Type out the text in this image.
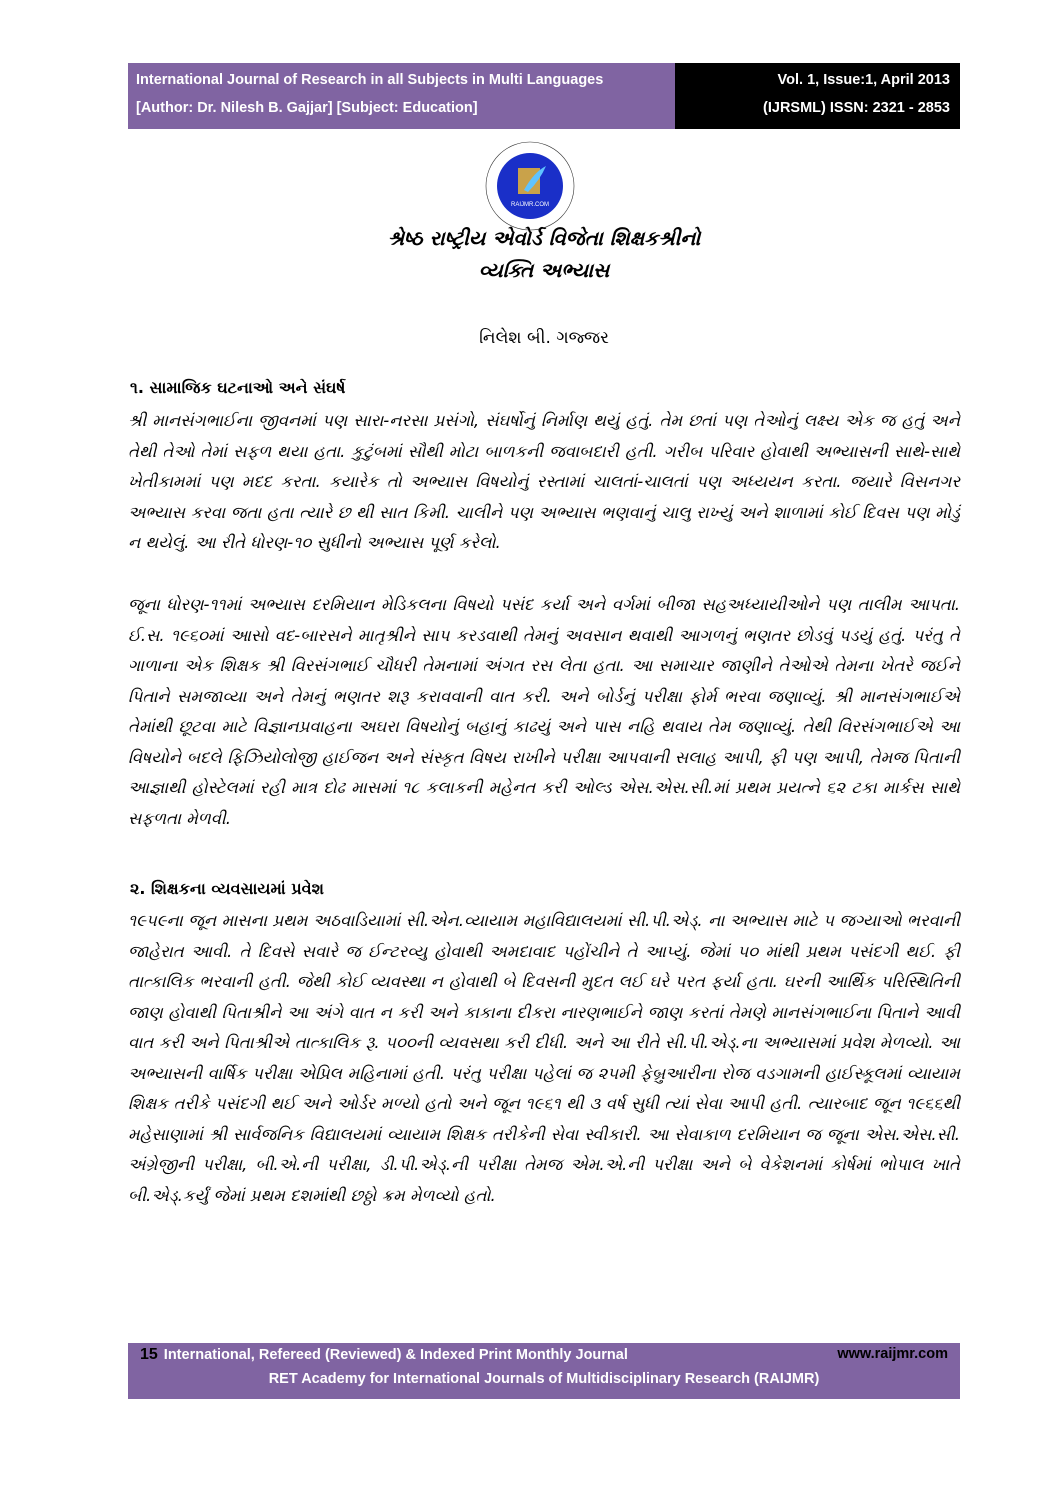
International Journal of Research in all Subjects in Multi Languages
[Author: Dr. Nilesh B. Gajjar] [Subject: Education]
Vol. 1, Issue:1, April 2013
(IJRSML) ISSN: 2321 - 2853
RAIJMR.COM
શ્રેષ્ઠ રાષ્ટ્રીય એવોર્ડ વિજેતા શિક્ષકશ્રીનો
વ્યક્તિ અભ્યાસ
નિલેશ બી. ગજ્જર
૧. સામાજિક ઘટનાઓ અને સંઘર્ષ
શ્રી માનસંગભાઈના જીવનમાં પણ સારા-નરસા પ્રસંગો, સંઘર્ષોનું નિર્માણ થયું હતું. તેમ છતાં પણ તેઓનું લક્ષ્ય એક જ હતું અને તેથી તેઓ તેમાં સફળ થયા હતા. કુટુંબમાં સૌથી મોટા બાળકની જવાબદારી હતી. ગરીબ પરિવાર હોવાથી અભ્યાસની સાથે-સાથે ખેતીકામમાં પણ મદદ કરતા. કયારેક તો અભ્યાસ વિષયોનું રસ્તામાં ચાલતાં-ચાલતાં પણ અધ્યયન કરતા. જયારે વિસનગર અભ્યાસ કરવા જતા હતા ત્યારે છ થી સાત કિમી. ચાલીને પણ અભ્યાસ ભણવાનું ચાલુ રાખ્યું અને શાળામાં કોઈ દિવસ પણ મોડું ન થયેલું. આ રીતે ધોરણ-૧૦ સુધીનો અભ્યાસ પૂર્ણ કરેલો.
જૂના ધોરણ-૧૧માં અભ્યાસ દરમિયાન મેડિકલના વિષયો પસંદ કર્યા અને વર્ગમાં બીજા સહઅધ્યાયીઓને પણ તાલીમ આપતા. ઈ.સ. ૧૯૬૦માં આસો વદ-બારસને માતૃશ્રીને સાપ કરડવાથી તેમનું અવસાન થવાથી આગળનું ભણતર છોડવું પડયું હતું. પરંતુ તે ગાળાના એક શિક્ષક શ્રી વિરસંગભાઈ ચૌધરી તેમનામાં અંગત રસ લેતા હતા. આ સમાચાર જાણીને તેઓએ તેમના ખેતરે જઈને પિતાને સમજાવ્યા અને તેમનું ભણતર શરૂ કરાવવાની વાત કરી. અને બોર્ડનું પરીક્ષા ફોર્મ ભરવા જણાવ્યું. શ્રી માનસંગભાઈએ તેમાંથી છૂટવા માટે વિજ્ઞાનપ્રવાહના અઘરા વિષયોનું બહાનું કાઢયું અને પાસ નહિ થવાય તેમ જણાવ્યું. તેથી વિરસંગભાઈએ આ વિષયોને બદલે ફિઝિયોલોજી હાઈજન અને સંસ્કૃત વિષય રાખીને પરીક્ષા આપવાની સલાહ આપી, ફી પણ આપી, તેમજ પિતાની આજ્ઞાથી હોસ્ટેલમાં રહી માત્ર દોઢ માસમાં ૧૮ કલાકની મહેનત કરી ઓલ્ડ એસ.એસ.સી.માં પ્રથમ પ્રયત્ને ૬૨ ટકા માર્કસ સાથે સફળતા મેળવી.
૨. શિક્ષકના વ્યવસાયમાં પ્રવેશ
૧૯૫૯ના જૂન માસના પ્રથમ અઠવાડિયામાં સી.એન.વ્યાયામ મહાવિદ્યાલયમાં સી.પી.એડ્. ના અભ્યાસ માટે ૫ જગ્યાઓ ભરવાની જાહેરાત આવી. તે દિવસે સવારે જ ઈન્ટરવ્યુ હોવાથી અમદાવાદ પહોંચીને તે આપ્યું. જેમાં ૫૦ માંથી પ્રથમ પસંદગી થઈ. ફી તાત્કાલિક ભરવાની હતી. જેથી કોઈ વ્યવસ્થા ન હોવાથી બે દિવસની મુદત લઈ ઘરે પરત ફર્યા હતા. ઘરની આર્થિક પરિસ્થિતિની જાણ હોવાથી પિતાશ્રીને આ અંગે વાત ન કરી અને કાકાના દીકરા નારણભાઈને જાણ કરતાં તેમણે માનસંગભાઈના પિતાને આવી વાત કરી અને પિતાશ્રીએ તાત્કાલિક રૂ. ૫૦૦ની વ્યવસથા કરી દીધી. અને આ રીતે સી.પી.એડ્.ના અભ્યાસમાં પ્રવેશ મેળવ્યો. આ અભ્યાસની વાર્ષિક પરીક્ષા એપ્રિલ મહિનામાં હતી. પરંતુ પરીક્ષા પહેલાં જ ૨૫મી ફેબ્રુઆરીના રોજ વડગામની હાઈસ્કૂલમાં વ્યાયામ શિક્ષક તરીકે પસંદગી થઈ અને ઓર્ડર મળ્યો હતો અને જૂન ૧૯૬૧ થી ૩ વર્ષ સુધી ત્યાં સેવા આપી હતી. ત્યારબાદ જૂન ૧૯૬૬થી મહેસાણામાં શ્રી સાર્વજનિક વિદ્યાલયમાં વ્યાયામ શિક્ષક તરીકેની સેવા સ્વીકારી. આ સેવાકાળ દરમિયાન જ જૂના એસ.એસ.સી. અંગ્રેજીની પરીક્ષા, બી.એ.ની પરીક્ષા, ડી.પી.એડ્.ની પરીક્ષા તેમજ એમ.એ.ની પરીક્ષા અને બે વેકેશનમાં કોર્ષમાં ભોપાલ ખાતે બી.એડ્.કર્યું જેમાં પ્રથમ દશમાંથી છઠ્ઠો ક્રમ મેળવ્યો હતો.
15 International, Refereed (Reviewed) & Indexed Print Monthly Journal	www.raijmr.com
RET Academy for International Journals of Multidisciplinary Research (RAIJMR)
